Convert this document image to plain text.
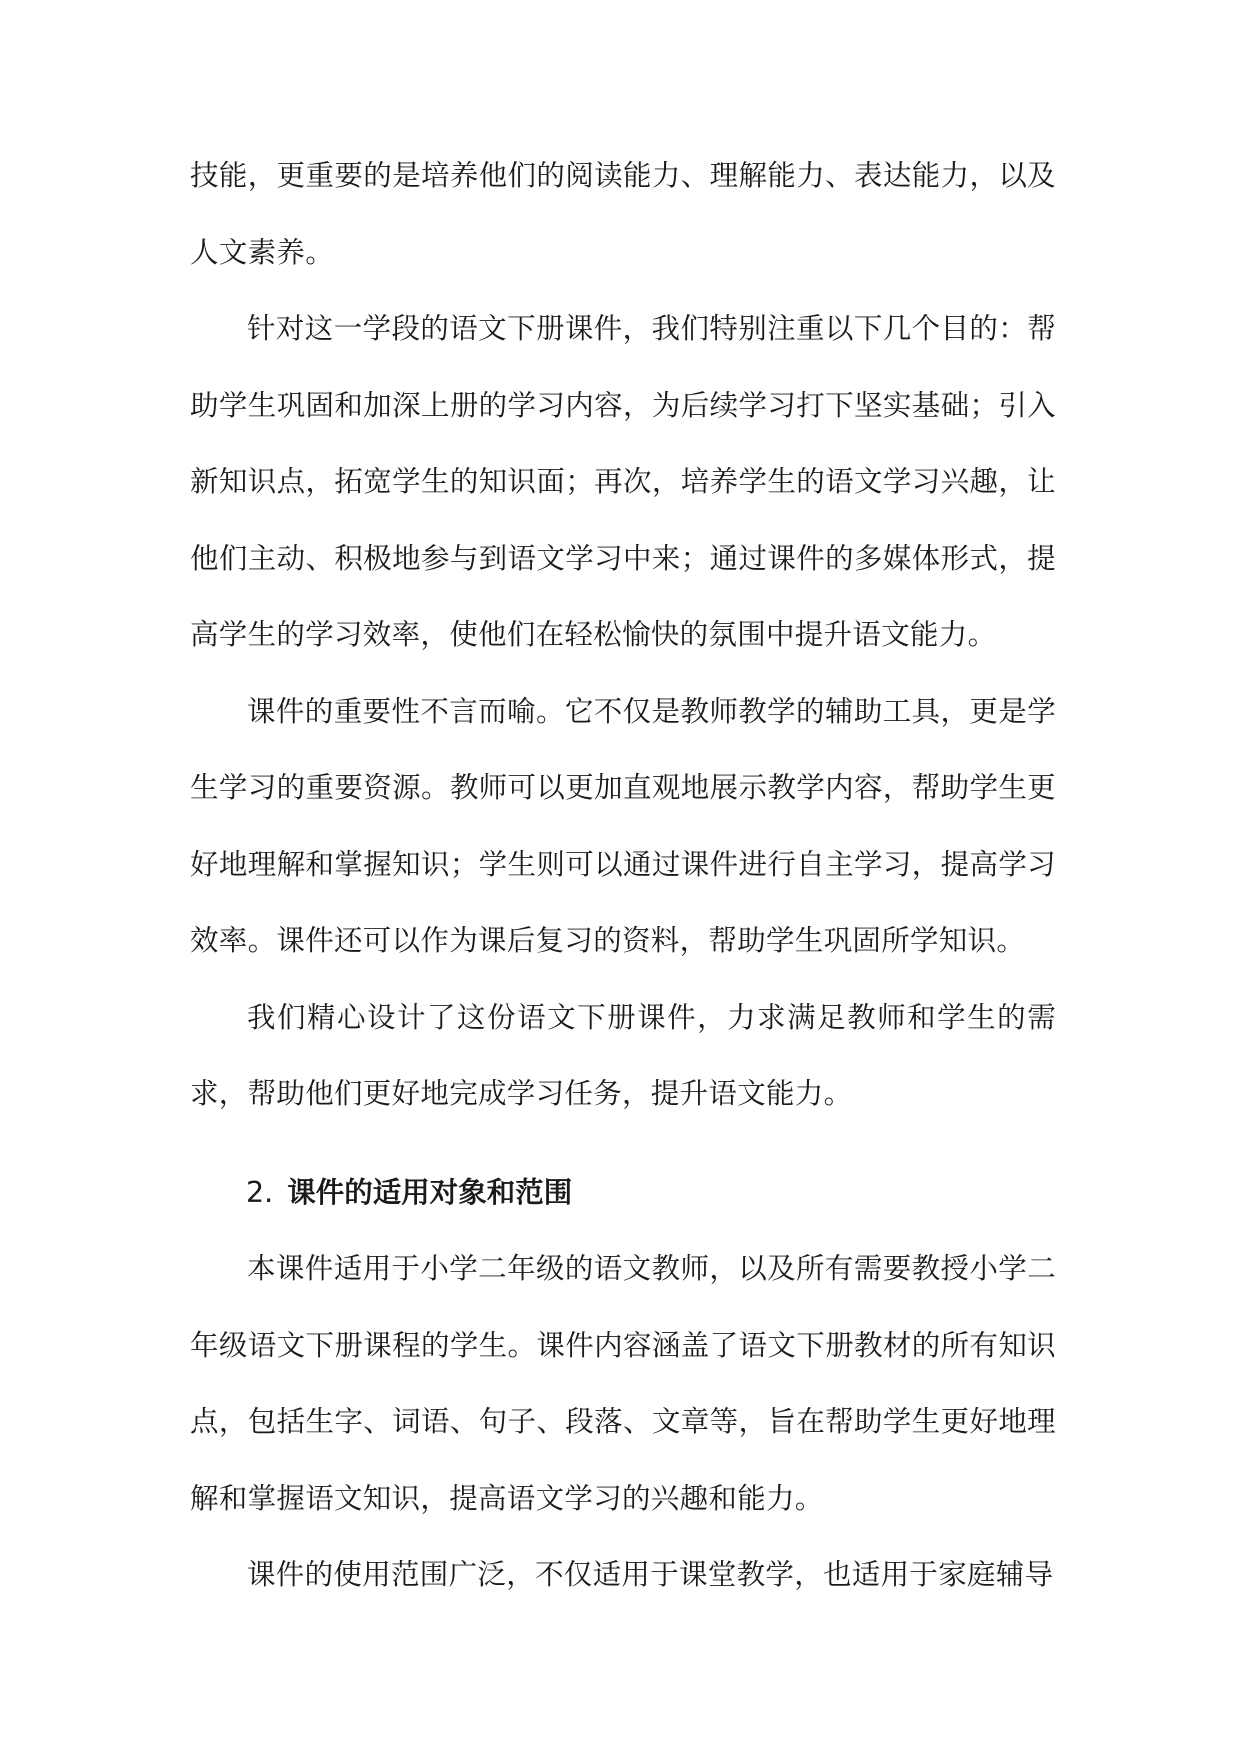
技能，更重要的是培养他们的阅读能力、理解能力、表达能力，以及人文素养。

针对这一学段的语文下册课件，我们特别注重以下几个目的：帮助学生巩固和加深上册的学习内容，为后续学习打下坚实基础；引入新知识点，拓宽学生的知识面；再次，培养学生的语文学习兴趣，让他们主动、积极地参与到语文学习中来；通过课件的多媒体形式，提高学生的学习效率，使他们在轻松愉快的氛围中提升语文能力。

课件的重要性不言而喻。它不仅是教师教学的辅助工具，更是学生学习的重要资源。教师可以更加直观地展示教学内容，帮助学生更好地理解和掌握知识；学生则可以通过课件进行自主学习，提高学习效率。课件还可以作为课后复习的资料，帮助学生巩固所学知识。

我们精心设计了这份语文下册课件，力求满足教师和学生的需求，帮助他们更好地完成学习任务，提升语文能力。

2. 课件的适用对象和范围

本课件适用于小学二年级的语文教师，以及所有需要教授小学二年级语文下册课程的学生。课件内容涵盖了语文下册教材的所有知识点，包括生字、词语、句子、段落、文章等，旨在帮助学生更好地理解和掌握语文知识，提高语文学习的兴趣和能力。

课件的使用范围广泛，不仅适用于课堂教学，也适用于家庭辅导
